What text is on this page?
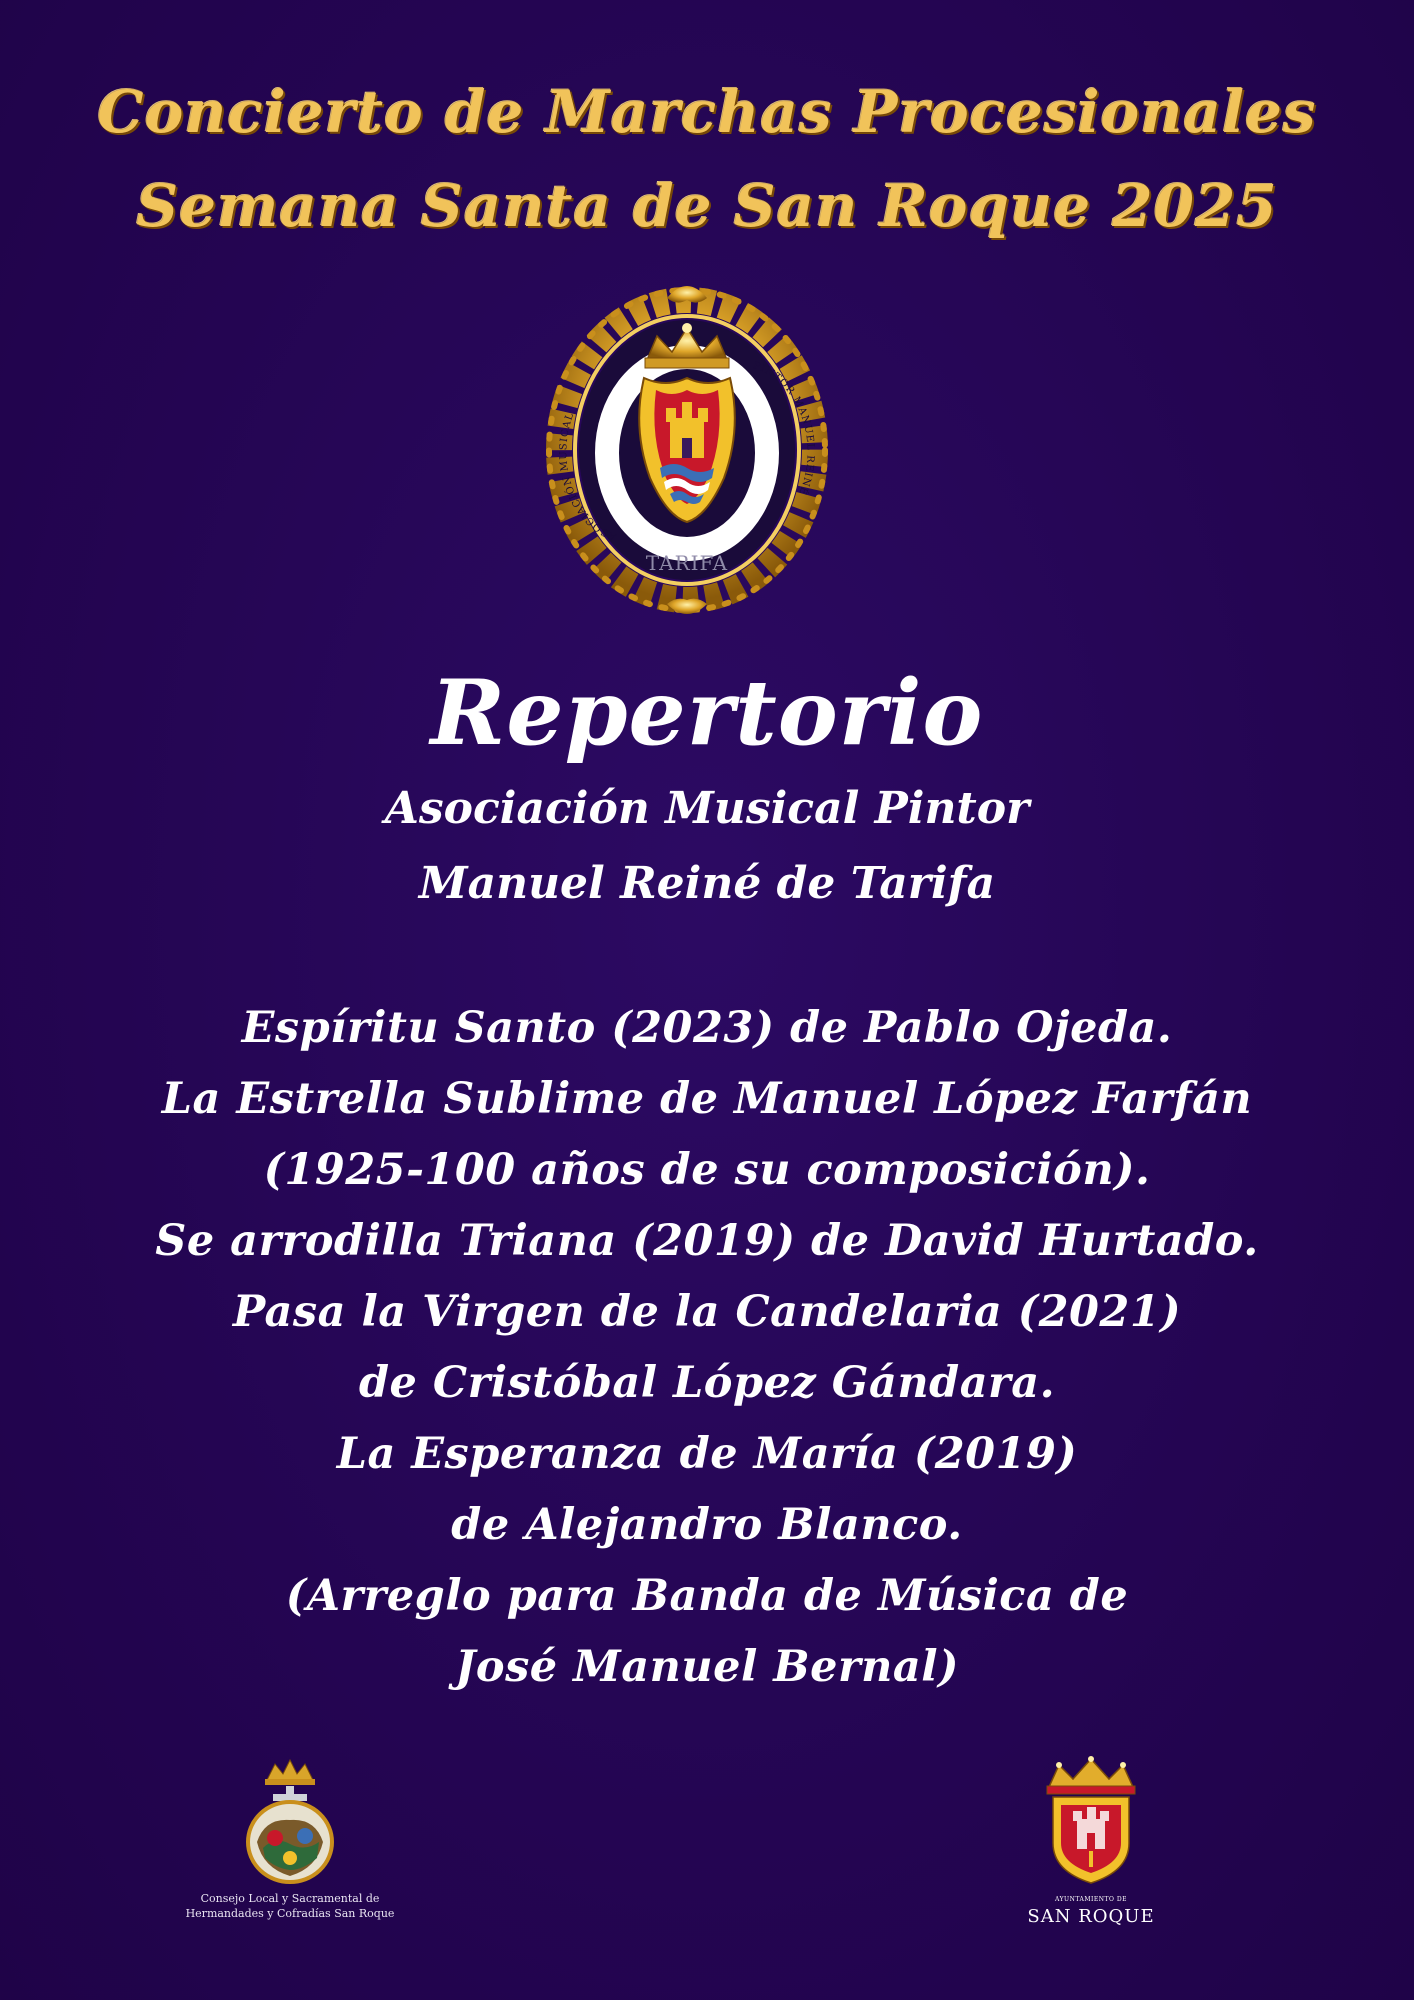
Concierto de Marchas Procesionales
Semana Santa de San Roque 2025
ASOCIACIÓN MUSICAL
PINTOR MANUEL REINÉ
TARIFA
Repertorio
Asociación Musical Pintor
Manuel Reiné de Tarifa
Espíritu Santo (2023) de Pablo Ojeda.
La Estrella Sublime de Manuel López Farfán
(1925-100 años de su composición).
Se arrodilla Triana (2019) de David Hurtado.
Pasa la Virgen de la Candelaria (2021)
de Cristóbal López Gándara.
La Esperanza de María (2019)
de Alejandro Blanco.
(Arreglo para Banda de Música de
José Manuel Bernal)
Consejo Local y Sacramental de
Hermandades y Cofradías San Roque
AYUNTAMIENTO DE
SAN ROQUE
